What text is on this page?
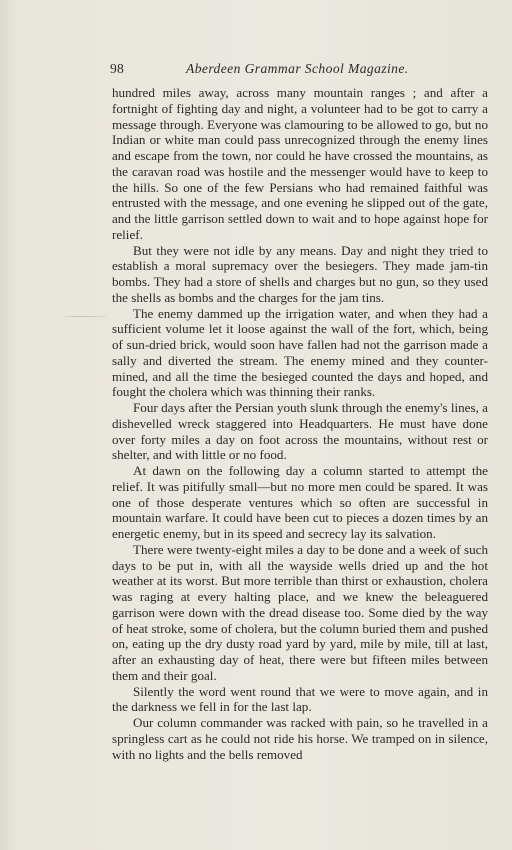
98	Aberdeen Grammar School Magazine.

hundred miles away, across many mountain ranges ; and after a fortnight of fighting day and night, a volunteer had to be got to carry a message through. Everyone was clamouring to be allowed to go, but no Indian or white man could pass unrecognized through the enemy lines and escape from the town, nor could he have crossed the mountains, as the caravan road was hostile and the messenger would have to keep to the hills. So one of the few Persians who had remained faithful was entrusted with the message, and one evening he slipped out of the gate, and the little garrison settled down to wait and to hope against hope for relief.

But they were not idle by any means. Day and night they tried to establish a moral supremacy over the besiegers. They made jam-tin bombs. They had a store of shells and charges but no gun, so they used the shells as bombs and the charges for the jam tins.

The enemy dammed up the irrigation water, and when they had a sufficient volume let it loose against the wall of the fort, which, being of sun-dried brick, would soon have fallen had not the garrison made a sally and diverted the stream. The enemy mined and they counter-mined, and all the time the besieged counted the days and hoped, and fought the cholera which was thinning their ranks.

Four days after the Persian youth slunk through the enemy's lines, a dishevelled wreck staggered into Headquarters. He must have done over forty miles a day on foot across the mountains, without rest or shelter, and with little or no food.

At dawn on the following day a column started to attempt the relief. It was pitifully small—but no more men could be spared. It was one of those desperate ventures which so often are successful in mountain warfare. It could have been cut to pieces a dozen times by an energetic enemy, but in its speed and secrecy lay its salvation.

There were twenty-eight miles a day to be done and a week of such days to be put in, with all the wayside wells dried up and the hot weather at its worst. But more terrible than thirst or exhaustion, cholera was raging at every halting place, and we knew the beleaguered garrison were down with the dread disease too. Some died by the way of heat stroke, some of cholera, but the column buried them and pushed on, eating up the dry dusty road yard by yard, mile by mile, till at last, after an exhausting day of heat, there were but fifteen miles between them and their goal.

Silently the word went round that we were to move again, and in the darkness we fell in for the last lap.

Our column commander was racked with pain, so he travelled in a springless cart as he could not ride his horse. We tramped on in silence, with no lights and the bells removed
